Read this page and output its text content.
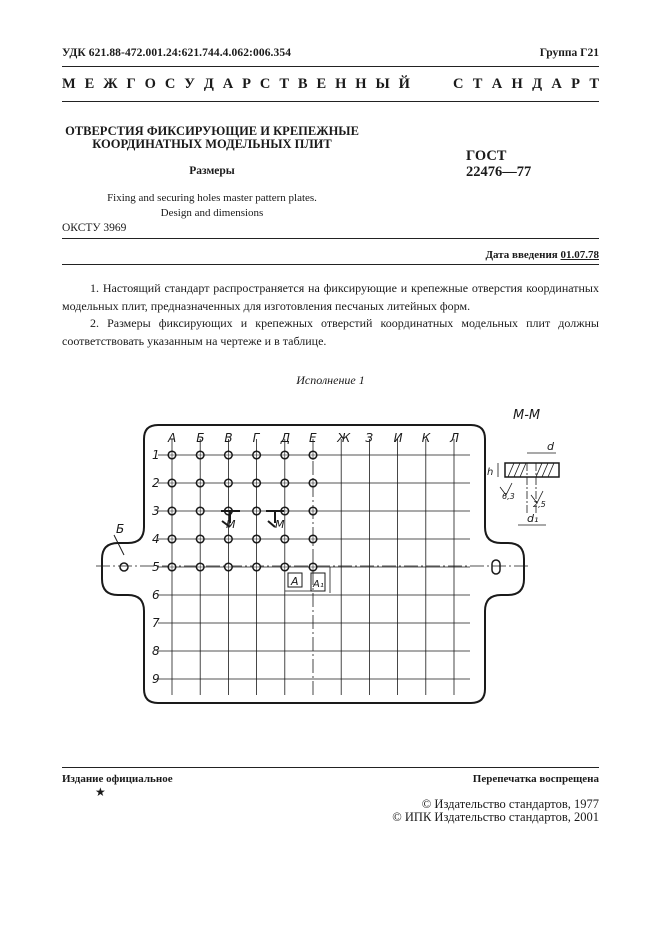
УДК 621.88-472.001.24:621.744.4.062:006.354	Группа Г21
М Е Ж Г О С У Д А Р С Т В Е Н Н Ы Й	С Т А Н Д А Р Т
ОТВЕРСТИЯ ФИКСИРУЮЩИЕ И КРЕПЕЖНЫЕ
КООРДИНАТНЫХ МОДЕЛЬНЫХ ПЛИТ
Размеры
Fixing and securing holes master pattern plates.
Design and dimensions
ГОСТ
22476—77
ОКСТУ 3969
Дата введения 01.07.78
1. Настоящий стандарт распространяется на фиксирующие и крепежные отверстия координатных модельных плит, предназначенных для изготовления песчаных литейных форм.
2. Размеры фиксирующих и крепежных отверстий координатных модельных плит должны соответствовать указанным на чертеже и в таблице.
Исполнение 1
А Б В Г Д Е Ж З И К Л
1
2
3
4
5
6
7
8
9
М-М
М	М
Б
А А₁
d
d₁
h
6,3
2,5
Издание официальное	Перепечатка воспрещена
★
© Издательство стандартов, 1977
© ИПК Издательство стандартов, 2001
